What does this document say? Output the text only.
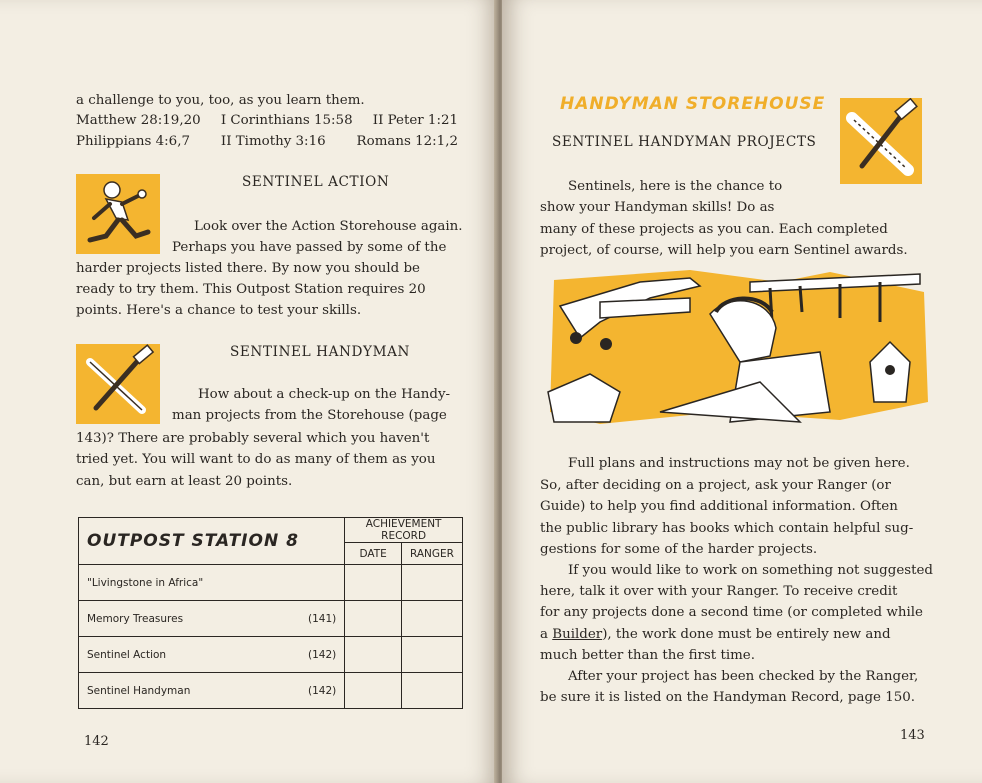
a challenge to you, too, as you learn them.
Matthew 28:19,20 I Corinthians 15:58 II Peter 1:21
Philippians 4:6,7 II Timothy 3:16 Romans 12:1,2
SENTINEL ACTION
Look over the Action Storehouse again.
Perhaps you have passed by some of the
harder projects listed there. By now you should be
ready to try them. This Outpost Station requires 20
points. Here's a chance to test your skills.
SENTINEL HANDYMAN
How about a check-up on the Handy-
man projects from the Storehouse (page
143)? There are probably several which you haven't
tried yet. You will want to do as many of them as you
can, but earn at least 20 points.
OUTPOST STATION 8	ACHIEVEMENT RECORD	
	DATE	RANGER
"Livingstone in Africa"		
Memory Treasures (141)		

Sentinel Action (142)		

Sentinel Handyman (142)		

142
HANDYMAN STOREHOUSE
SENTINEL HANDYMAN PROJECTS
Sentinels, here is the chance to
show your Handyman skills! Do as
many of these projects as you can. Each completed
project, of course, will help you earn Sentinel awards.
Full plans and instructions may not be given here.
So, after deciding on a project, ask your Ranger (or
Guide) to help you find additional information. Often
the public library has books which contain helpful sug-
gestions for some of the harder projects.
If you would like to work on something not suggested
here, talk it over with your Ranger. To receive credit
for any projects done a second time (or completed while
a Builder), the work done must be entirely new and
much better than the first time.
After your project has been checked by the Ranger,
be sure it is listed on the Handyman Record, page 150.
143
